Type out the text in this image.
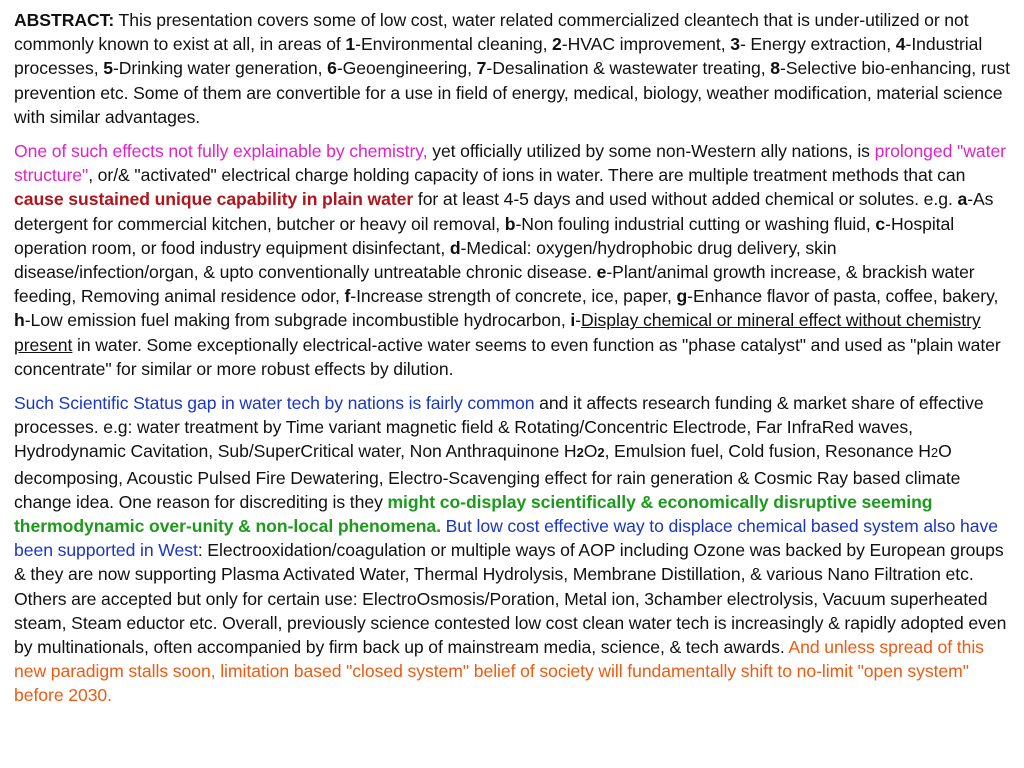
ABSTRACT: This presentation covers some of low cost, water related commercialized cleantech that is under-utilized or not commonly known to exist at all, in areas of 1-Environmental cleaning, 2-HVAC improvement, 3- Energy extraction, 4-Industrial processes, 5-Drinking water generation, 6-Geoengineering, 7-Desalination & wastewater treating, 8-Selective bio-enhancing, rust prevention etc. Some of them are convertible for a use in field of energy, medical, biology, weather modification, material science with similar advantages.

One of such effects not fully explainable by chemistry, yet officially utilized by some non-Western ally nations, is prolonged "water structure", or/& "activated" electrical charge holding capacity of ions in water. There are multiple treatment methods that can cause sustained unique capability in plain water for at least 4-5 days and used without added chemical or solutes. e.g. a-As detergent for commercial kitchen, butcher or heavy oil removal, b-Non fouling industrial cutting or washing fluid, c-Hospital operation room, or food industry equipment disinfectant, d-Medical: oxygen/hydrophobic drug delivery, skin disease/infection/organ, & upto conventionally untreatable chronic disease. e-Plant/animal growth increase, & brackish water feeding, Removing animal residence odor, f-Increase strength of concrete, ice, paper, g-Enhance flavor of pasta, coffee, bakery, h-Low emission fuel making from subgrade incombustible hydrocarbon, i-Display chemical or mineral effect without chemistry present in water. Some exceptionally electrical-active water seems to even function as "phase catalyst" and used as "plain water concentrate" for similar or more robust effects by dilution.

Such Scientific Status gap in water tech by nations is fairly common and it affects research funding & market share of effective processes. e.g: water treatment by Time variant magnetic field & Rotating/Concentric Electrode, Far InfraRed waves, Hydrodynamic Cavitation, Sub/SuperCritical water, Non Anthraquinone H2O2, Emulsion fuel, Cold fusion, Resonance H2O decomposing, Acoustic Pulsed Fire Dewatering, Electro-Scavenging effect for rain generation & Cosmic Ray based climate change idea. One reason for discrediting is they might co-display scientifically & economically disruptive seeming thermodynamic over-unity & non-local phenomena. But low cost effective way to displace chemical based system also have been supported in West: Electrooxidation/coagulation or multiple ways of AOP including Ozone was backed by European groups & they are now supporting Plasma Activated Water, Thermal Hydrolysis, Membrane Distillation, & various Nano Filtration etc. Others are accepted but only for certain use: ElectroOsmosis/Poration, Metal ion, 3chamber electrolysis, Vacuum superheated steam, Steam eductor etc. Overall, previously science contested low cost clean water tech is increasingly & rapidly adopted even by multinationals, often accompanied by firm back up of mainstream media, science, & tech awards. And unless spread of this new paradigm stalls soon, limitation based "closed system" belief of society will fundamentally shift to no-limit "open system" before 2030.
